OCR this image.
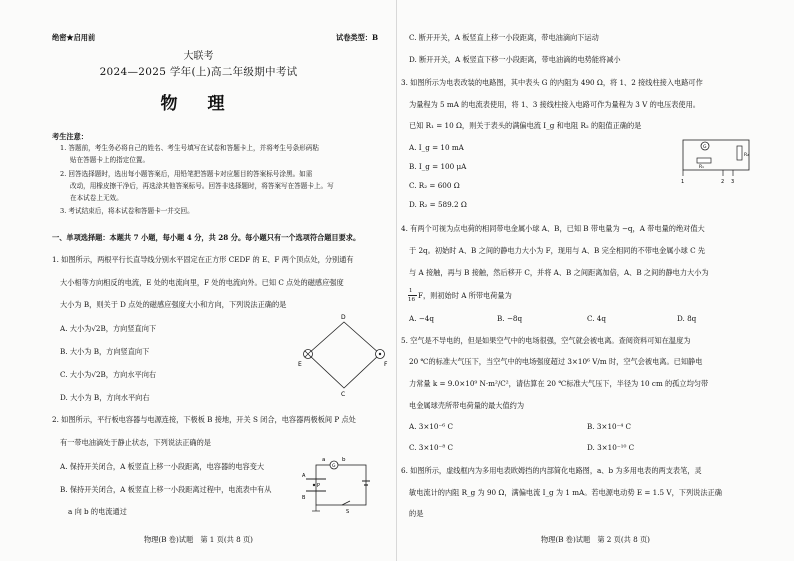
绝密★启用前	试卷类型：B
大联考
2024—2025 学年(上)高二年级期中考试
物 理
考生注意：
1. 答题前，考生务必将自己的姓名、考生号填写在试卷和答题卡上，并将考生号条形码粘
贴在答题卡上的指定位置。
2. 回答选择题时，选出每小题答案后，用铅笔把答题卡对应题目的答案标号涂黑。如需
改动，用橡皮擦干净后，再选涂其他答案标号。回答非选择题时，将答案写在答题卡上。写
在本试卷上无效。
3. 考试结束后，将本试卷和答题卡一并交回。
一、单项选择题：本题共 7 小题，每小题 4 分，共 28 分。每小题只有一个选项符合题目要求。
1. 如图所示，两根平行长直导线分别水平固定在正方形 CEDF 的 E、F 两个顶点处，分别通有
大小相等方向相反的电流，E 处的电流向里，F 处的电流向外。已知 C 点处的磁感应强度
大小为 B，则关于 D 点处的磁感应强度大小和方向，下列说法正确的是
A. 大小为√2B，方向竖直向下
B. 大小为 B，方向竖直向下
C. 大小为√2B，方向水平向右
D. 大小为 B，方向水平向右
D
E	F
C
2. 如图所示，平行板电容器与电源连接，下极板 B 接地，开关 S 闭合，电容器两极板间 P 点处
有一带电油滴处于静止状态，下列说法正确的是
A. 保持开关闭合，A 板竖直上移一小段距离，电容器的电容变大
B. 保持开关闭合，A 板竖直上移一小段距离过程中，电流表中有从
a 向 b 的电流通过
G
a	b
A
B
P
S
物理(B 卷)试题　第 1 页(共 8 页)
C. 断开开关，A 板竖直上移一小段距离，带电油滴向下运动
D. 断开开关，A 板竖直下移一小段距离，带电油滴的电势能将减小
3. 如图所示为电表改装的电路图，其中表头 G 的内阻为 490 Ω，将 1、2 接线柱接入电路可作
为量程为 5 mA 的电流表使用，将 1、3 接线柱接入电路可作为量程为 3 V 的电压表使用。
已知 R₁ = 10 Ω，则关于表头的满偏电流 I_g 和电阻 R₂ 的阻值正确的是
A. I_g = 10 mA
B. I_g = 100 μA
C. R₂ = 600 Ω
D. R₂ = 589.2 Ω
G
R₁
R₂
1	2 3
4. 有两个可视为点电荷的相同带电金属小球 A、B，已知 B 带电量为 −q，A 带电量的绝对值大
于 2q。初始时 A、B 之间的静电力大小为 F，现用与 A、B 完全相同的不带电金属小球 C 先
与 A 接触，再与 B 接触，然后移开 C，并将 A、B 之间距离加倍，A、B 之间的静电力大小为
1
16 F，则初始时 A 所带电荷量为
A. −4q	B. −8q	C. 4q	D. 8q
5. 空气是不导电的，但是如果空气中的电场很强，空气就会被电离。查阅资料可知在温度为
20 ℃的标准大气压下，当空气中的电场强度超过 3×10⁶ V/m 时，空气会被电离。已知静电
力常量 k = 9.0×10⁹ N·m²/C²，请估算在 20 ℃标准大气压下，半径为 10 cm 的孤立均匀带
电金属球壳所带电荷量的最大值约为
A. 3×10⁻⁶ C	B. 3×10⁻⁴ C
C. 3×10⁻⁸ C	D. 3×10⁻¹⁰ C
6. 如图所示，虚线框内为多用电表欧姆挡的内部简化电路图，a、b 为多用电表的两支表笔，灵
敏电流计的内阻 R_g 为 90 Ω，满偏电流 I_g 为 1 mA。若电源电动势 E = 1.5 V，下列说法正确
的是
物理(B 卷)试题　第 2 页(共 8 页)
